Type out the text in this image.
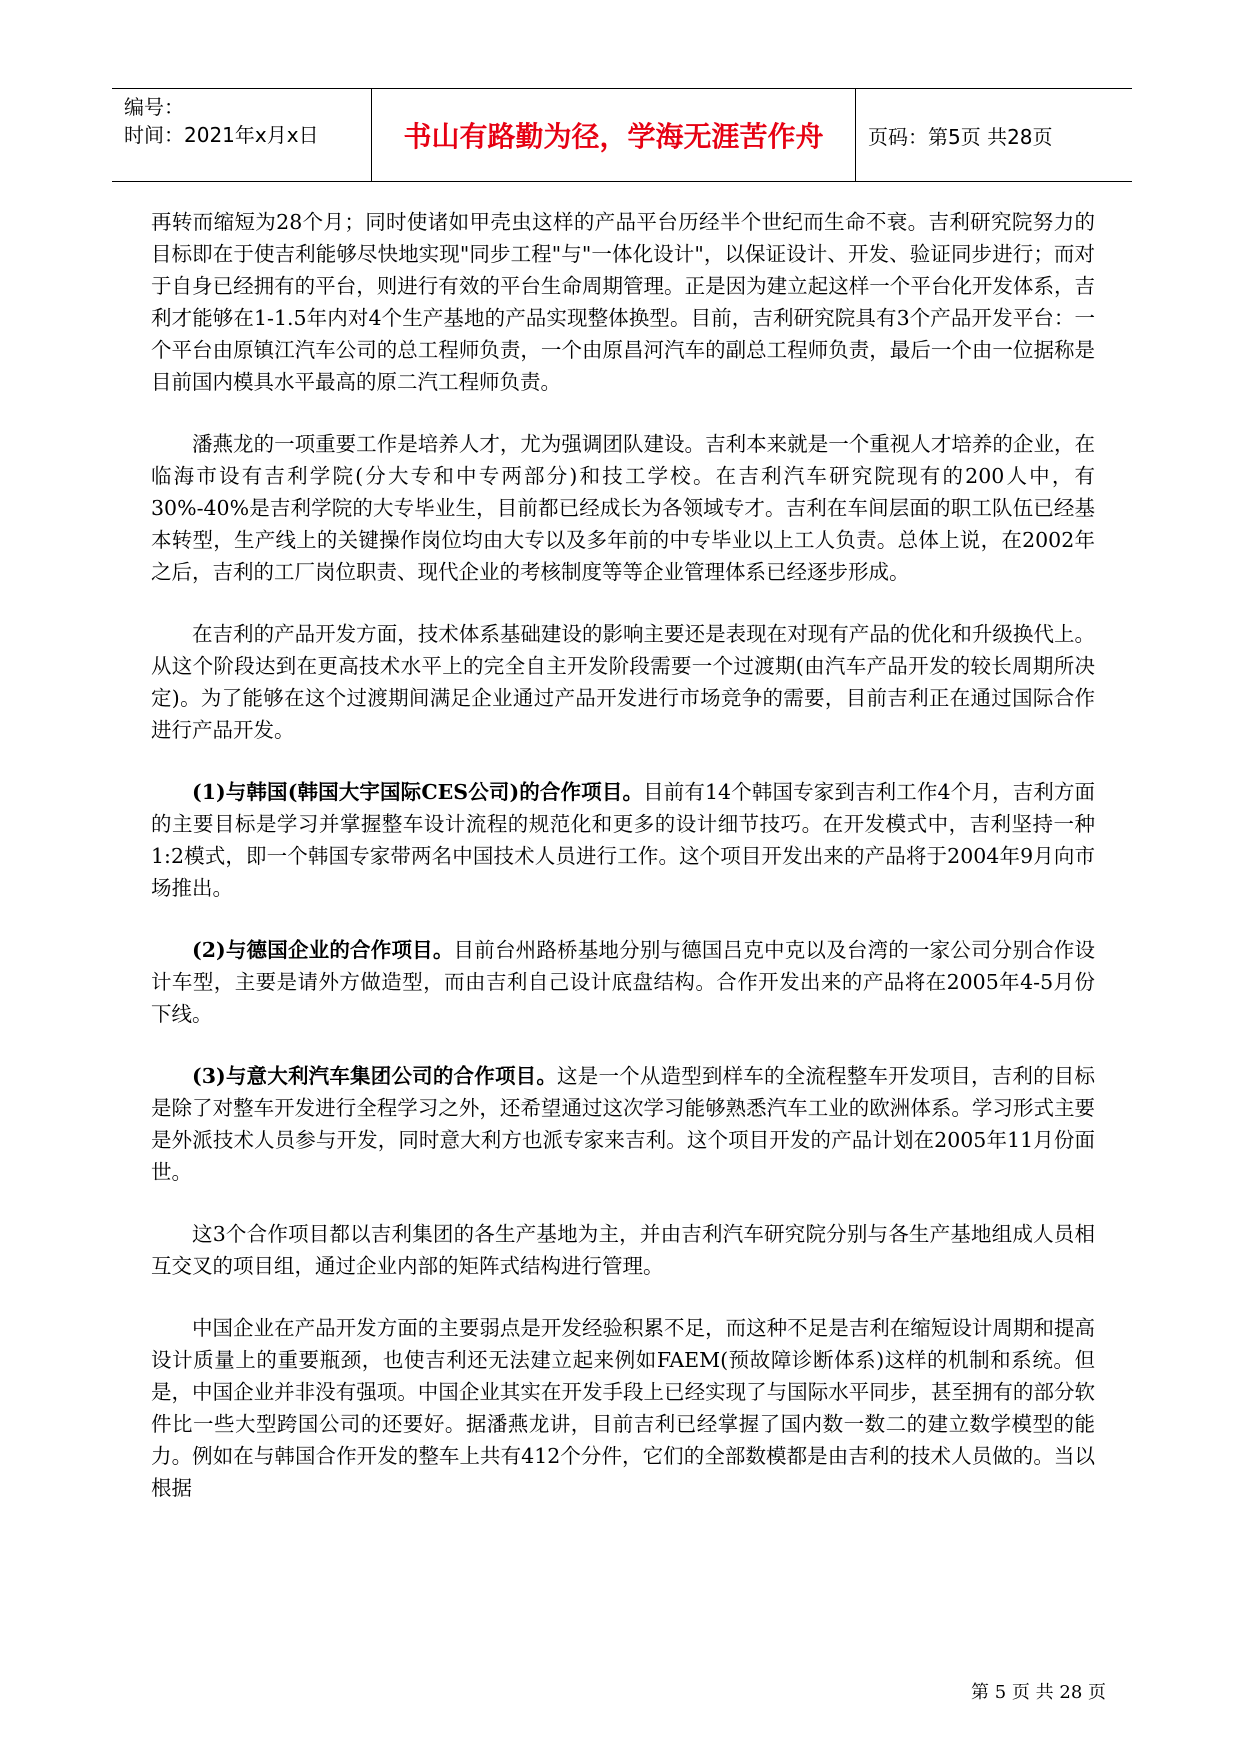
编号：
时间：2021年x月x日	书山有路勤为径，学海无涯苦作舟	页码：第5页 共28页

再转而缩短为28个月；同时使诸如甲壳虫这样的产品平台历经半个世纪而生命不衰。吉利研究院努力的目标即在于使吉利能够尽快地实现"同步工程"与"一体化设计"，以保证设计、开发、验证同步进行；而对于自身已经拥有的平台，则进行有效的平台生命周期管理。正是因为建立起这样一个平台化开发体系，吉利才能够在1-1.5年内对4个生产基地的产品实现整体换型。目前，吉利研究院具有3个产品开发平台：一个平台由原镇江汽车公司的总工程师负责，一个由原昌河汽车的副总工程师负责，最后一个由一位据称是目前国内模具水平最高的原二汽工程师负责。

潘燕龙的一项重要工作是培养人才，尤为强调团队建设。吉利本来就是一个重视人才培养的企业，在临海市设有吉利学院(分大专和中专两部分)和技工学校。在吉利汽车研究院现有的200人中，有30%-40%是吉利学院的大专毕业生，目前都已经成长为各领域专才。吉利在车间层面的职工队伍已经基本转型，生产线上的关键操作岗位均由大专以及多年前的中专毕业以上工人负责。总体上说，在2002年之后，吉利的工厂岗位职责、现代企业的考核制度等等企业管理体系已经逐步形成。

在吉利的产品开发方面，技术体系基础建设的影响主要还是表现在对现有产品的优化和升级换代上。从这个阶段达到在更高技术水平上的完全自主开发阶段需要一个过渡期(由汽车产品开发的较长周期所决定)。为了能够在这个过渡期间满足企业通过产品开发进行市场竞争的需要，目前吉利正在通过国际合作进行产品开发。

(1)与韩国(韩国大宇国际CES公司)的合作项目。目前有14个韩国专家到吉利工作4个月，吉利方面的主要目标是学习并掌握整车设计流程的规范化和更多的设计细节技巧。在开发模式中，吉利坚持一种1:2模式，即一个韩国专家带两名中国技术人员进行工作。这个项目开发出来的产品将于2004年9月向市场推出。

(2)与德国企业的合作项目。目前台州路桥基地分别与德国吕克中克以及台湾的一家公司分别合作设计车型，主要是请外方做造型，而由吉利自己设计底盘结构。合作开发出来的产品将在2005年4-5月份下线。

(3)与意大利汽车集团公司的合作项目。这是一个从造型到样车的全流程整车开发项目，吉利的目标是除了对整车开发进行全程学习之外，还希望通过这次学习能够熟悉汽车工业的欧洲体系。学习形式主要是外派技术人员参与开发，同时意大利方也派专家来吉利。这个项目开发的产品计划在2005年11月份面世。

这3个合作项目都以吉利集团的各生产基地为主，并由吉利汽车研究院分别与各生产基地组成人员相互交叉的项目组，通过企业内部的矩阵式结构进行管理。

中国企业在产品开发方面的主要弱点是开发经验积累不足，而这种不足是吉利在缩短设计周期和提高设计质量上的重要瓶颈，也使吉利还无法建立起来例如FAEM(预故障诊断体系)这样的机制和系统。但是，中国企业并非没有强项。中国企业其实在开发手段上已经实现了与国际水平同步，甚至拥有的部分软件比一些大型跨国公司的还要好。据潘燕龙讲，目前吉利已经掌握了国内数一数二的建立数学模型的能力。例如在与韩国合作开发的整车上共有412个分件，它们的全部数模都是由吉利的技术人员做的。当以根据

第 5 页 共 28 页
